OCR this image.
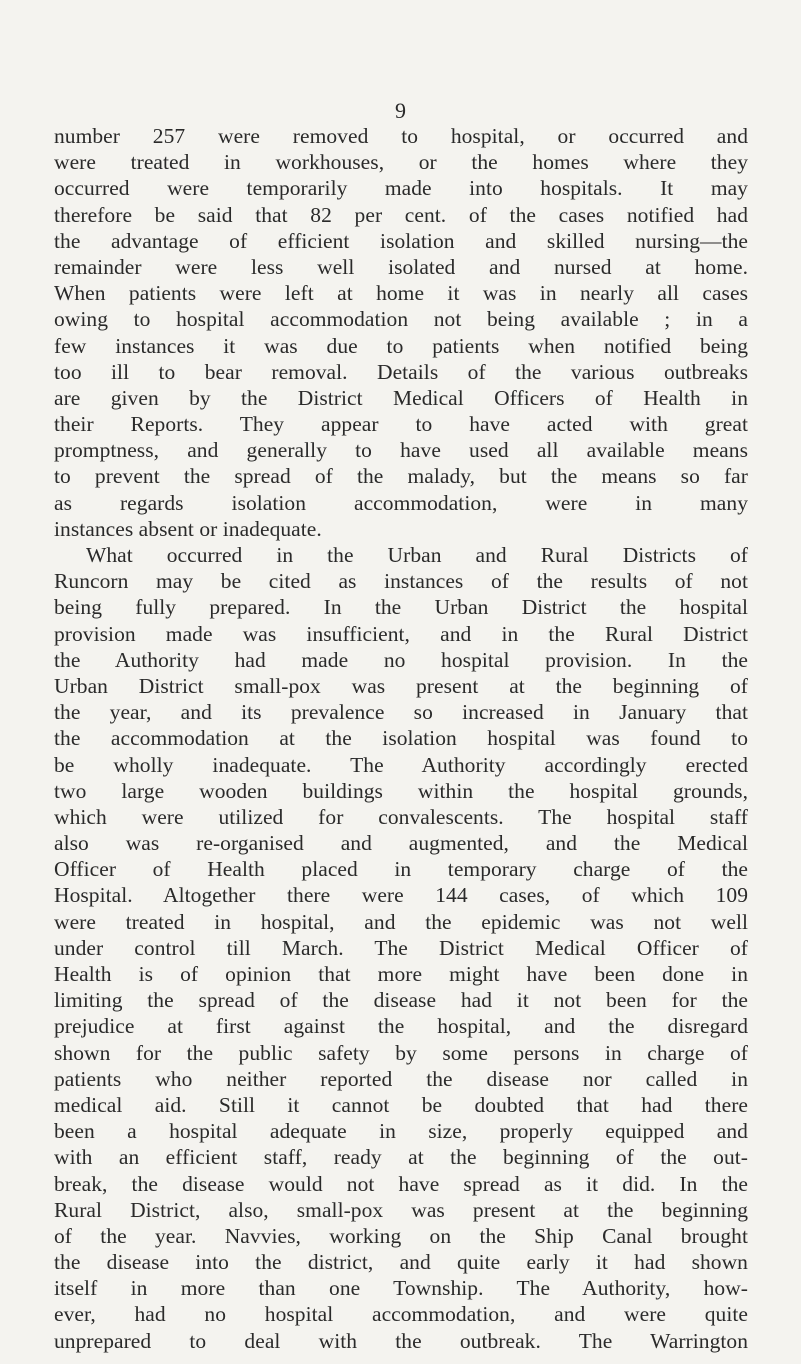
9
number 257 were removed to hospital, or occurred and
were treated in workhouses, or the homes where they
occurred were temporarily made into hospitals. It may
therefore be said that 82 per cent. of the cases notified had
the advantage of efficient isolation and skilled nursing—the
remainder were less well isolated and nursed at home.
When patients were left at home it was in nearly all cases
owing to hospital accommodation not being available ; in a
few instances it was due to patients when notified being
too ill to bear removal. Details of the various outbreaks
are given by the District Medical Officers of Health in
their Reports. They appear to have acted with great
promptness, and generally to have used all available means
to prevent the spread of the malady, but the means so far
as regards isolation accommodation, were in many
instances absent or inadequate.
What occurred in the Urban and Rural Districts of
Runcorn may be cited as instances of the results of not
being fully prepared. In the Urban District the hospital
provision made was insufficient, and in the Rural District
the Authority had made no hospital provision. In the
Urban District small-pox was present at the beginning of
the year, and its prevalence so increased in January that
the accommodation at the isolation hospital was found to
be wholly inadequate. The Authority accordingly erected
two large wooden buildings within the hospital grounds,
which were utilized for convalescents. The hospital staff
also was re-organised and augmented, and the Medical
Officer of Health placed in temporary charge of the
Hospital. Altogether there were 144 cases, of which 109
were treated in hospital, and the epidemic was not well
under control till March. The District Medical Officer of
Health is of opinion that more might have been done in
limiting the spread of the disease had it not been for the
prejudice at first against the hospital, and the disregard
shown for the public safety by some persons in charge of
patients who neither reported the disease nor called in
medical aid. Still it cannot be doubted that had there
been a hospital adequate in size, properly equipped and
with an efficient staff, ready at the beginning of the out-
break, the disease would not have spread as it did. In the
Rural District, also, small-pox was present at the beginning
of the year. Navvies, working on the Ship Canal brought
the disease into the district, and quite early it had shown
itself in more than one Township. The Authority, how-
ever, had no hospital accommodation, and were quite
unprepared to deal with the outbreak. The Warrington
